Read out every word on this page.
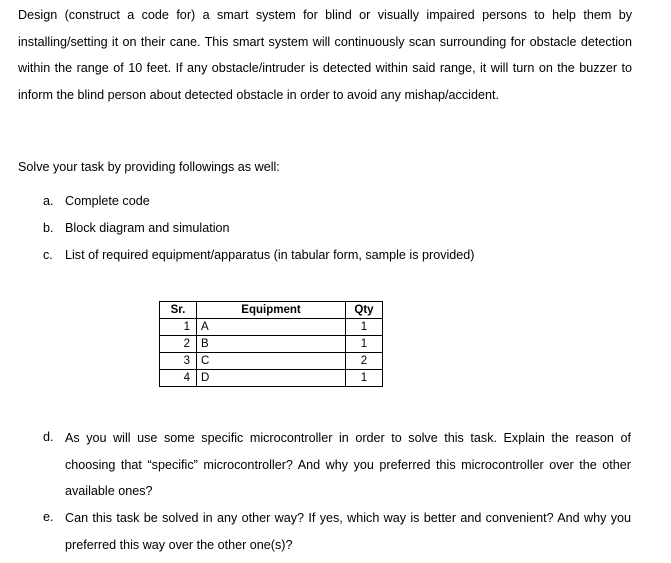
Design (construct a code for) a smart system for blind or visually impaired persons to help them by installing/setting it on their cane. This smart system will continuously scan surrounding for obstacle detection within the range of 10 feet. If any obstacle/intruder is detected within said range, it will turn on the buzzer to inform the blind person about detected obstacle in order to avoid any mishap/accident.

Solve your task by providing followings as well:

a. Complete code
b. Block diagram and simulation
c. List of required equipment/apparatus (in tabular form, sample is provided)
Sr.	Equipment	Qty
1	A	1
2	B	1
3	C	2
4	D	1
d. As you will use some specific microcontroller in order to solve this task. Explain the reason of choosing that “specific” microcontroller? And why you preferred this microcontroller over the other available ones?

e. Can this task be solved in any other way? If yes, which way is better and convenient? And why you preferred this way over the other one(s)?
